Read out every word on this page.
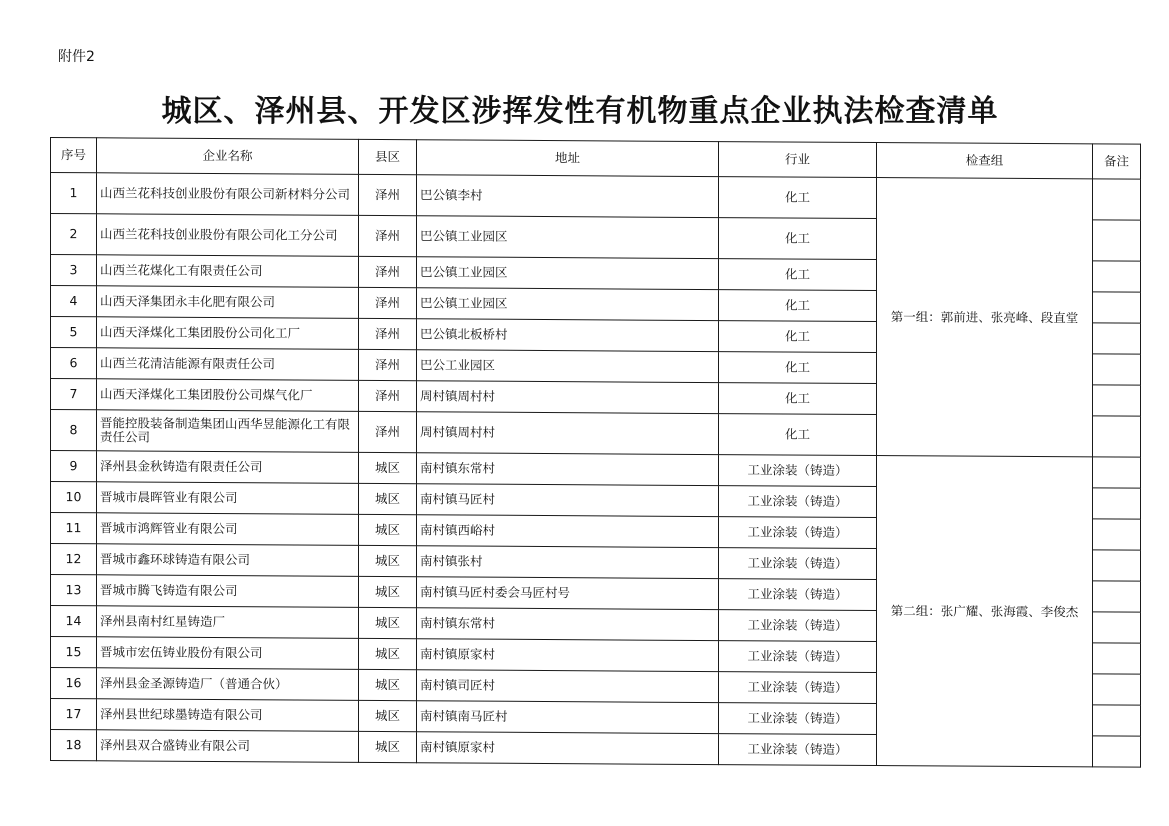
附件2
城区、泽州县、开发区涉挥发性有机物重点企业执法检查清单
序号	企业名称	县区	地址	行业	检查组	备注
1	山西兰花科技创业股份有限公司新材料分公司	泽州	巴公镇李村	化工	第一组：郭前进、张亮峰、段直堂	
2	山西兰花科技创业股份有限公司化工分公司	泽州	巴公镇工业园区	化工		
3	山西兰花煤化工有限责任公司	泽州	巴公镇工业园区	化工		
4	山西天泽集团永丰化肥有限公司	泽州	巴公镇工业园区	化工		
5	山西天泽煤化工集团股份公司化工厂	泽州	巴公镇北板桥村	化工		
6	山西兰花清洁能源有限责任公司	泽州	巴公工业园区	化工		
7	山西天泽煤化工集团股份公司煤气化厂	泽州	周村镇周村村	化工		
8	晋能控股装备制造集团山西华昱能源化工有限责任公司	泽州	周村镇周村村	化工		
9	泽州县金秋铸造有限责任公司	城区	南村镇东常村	工业涂装（铸造）	第二组：张广耀、张海霞、李俊杰	
10	晋城市晨晖管业有限公司	城区	南村镇马匠村	工业涂装（铸造）		
11	晋城市鸿辉管业有限公司	城区	南村镇西峪村	工业涂装（铸造）		
12	晋城市鑫环球铸造有限公司	城区	南村镇张村	工业涂装（铸造）		
13	晋城市腾飞铸造有限公司	城区	南村镇马匠村委会马匠村号	工业涂装（铸造）		
14	泽州县南村红星铸造厂	城区	南村镇东常村	工业涂装（铸造）		
15	晋城市宏伍铸业股份有限公司	城区	南村镇原家村	工业涂装（铸造）		
16	泽州县金圣源铸造厂（普通合伙）	城区	南村镇司匠村	工业涂装（铸造）		
17	泽州县世纪球墨铸造有限公司	城区	南村镇南马匠村	工业涂装（铸造）		
18	泽州县双合盛铸业有限公司	城区	南村镇原家村	工业涂装（铸造）		
